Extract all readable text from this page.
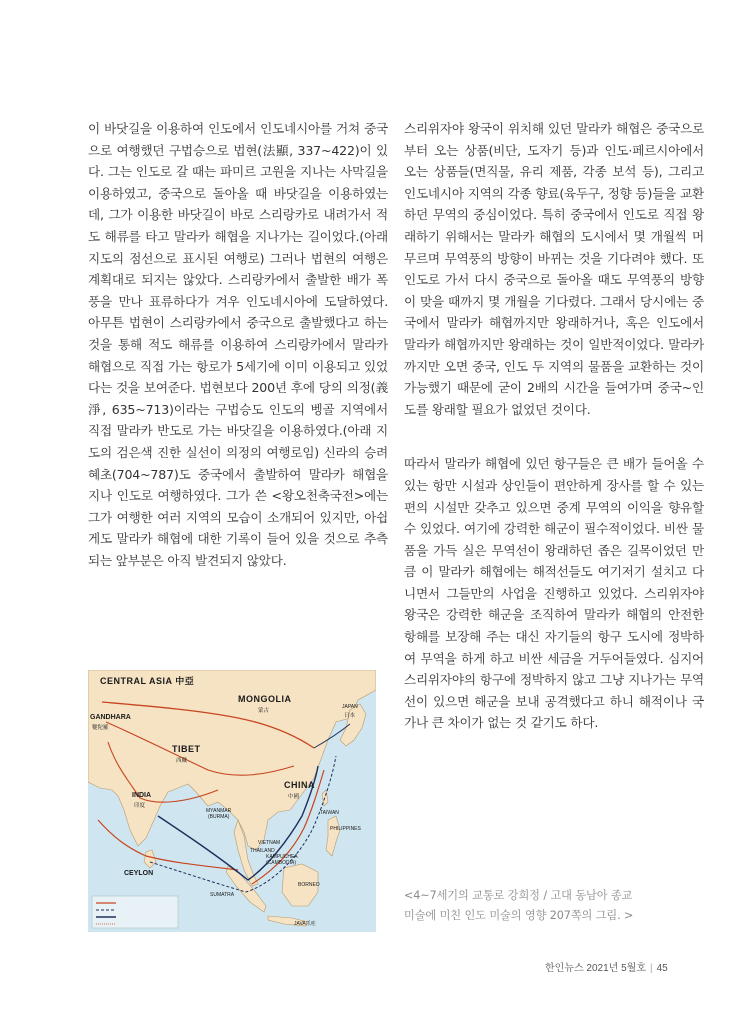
이 바닷길을 이용하여 인도에서 인도네시아를 거쳐 중국으로 여행했던 구법승으로 법현(法顯, 337~422)이 있다. 그는 인도로 갈 때는 파미르 고원을 지나는 사막길을 이용하였고, 중국으로 돌아올 때 바닷길을 이용하였는데, 그가 이용한 바닷길이 바로 스리랑카로 내려가서 적도 해류를 타고 말라카 해협을 지나가는 길이었다.(아래 지도의 점선으로 표시된 여행로) 그러나 법현의 여행은 계획대로 되지는 않았다. 스리랑카에서 출발한 배가 폭풍을 만나 표류하다가 겨우 인도네시아에 도달하였다. 아무튼 법현이 스리랑카에서 중국으로 출발했다고 하는 것을 통해 적도 해류를 이용하여 스리랑카에서 말라카 해협으로 직접 가는 항로가 5세기에 이미 이용되고 있었다는 것을 보여준다. 법현보다 200년 후에 당의 의정(義淨, 635~713)이라는 구법승도 인도의 벵골 지역에서 직접 말라카 반도로 가는 바닷길을 이용하였다.(아래 지도의 검은색 진한 실선이 의정의 여행로임) 신라의 승려 혜초(704~787)도 중국에서 출발하여 말라카 해협을 지나 인도로 여행하였다. 그가 쓴 <왕오천축국전>에는 그가 여행한 여러 지역의 모습이 소개되어 있지만, 아쉽게도 말라카 해협에 대한 기록이 들어 있을 것으로 추측되는 앞부분은 아직 발견되지 않았다.

스리위자야 왕국이 위치해 있던 말라카 해협은 중국으로부터 오는 상품(비단, 도자기 등)과 인도·페르시아에서 오는 상품들(면직물, 유리 제품, 각종 보석 등), 그리고 인도네시아 지역의 각종 향료(육두구, 정향 등)들을 교환하던 무역의 중심이었다. 특히 중국에서 인도로 직접 왕래하기 위해서는 말라카 해협의 도시에서 몇 개월씩 머무르며 무역풍의 방향이 바뀌는 것을 기다려야 했다. 또 인도로 가서 다시 중국으로 돌아올 때도 무역풍의 방향이 맞을 때까지 몇 개월을 기다렸다. 그래서 당시에는 중국에서 말라카 해협까지만 왕래하거나, 혹은 인도에서 말라카 해협까지만 왕래하는 것이 일반적이었다. 말라카까지만 오면 중국, 인도 두 지역의 물품을 교환하는 것이 가능했기 때문에 굳이 2배의 시간을 들여가며 중국~인도를 왕래할 필요가 없었던 것이다.

따라서 말라카 해협에 있던 항구들은 큰 배가 들어올 수 있는 항만 시설과 상인들이 편안하게 장사를 할 수 있는 편의 시설만 갖추고 있으면 중계 무역의 이익을 향유할 수 있었다. 여기에 강력한 해군이 필수적이었다. 비싼 물품을 가득 실은 무역선이 왕래하던 좁은 길목이었던 만큼 이 말라카 해협에는 해적선들도 여기저기 설치고 다니면서 그들만의 사업을 진행하고 있었다. 스리위자야 왕국은 강력한 해군을 조직하여 말라카 해협의 안전한 항해를 보장해 주는 대신 자기들의 항구 도시에 정박하여 무역을 하게 하고 비싼 세금을 거두어들였다. 심지어 스리위자야의 항구에 정박하지 않고 그냥 지나가는 무역선이 있으면 해군을 보내 공격했다고 하니 해적이나 국가나 큰 차이가 없는 것 같기도 하다.

CENTRAL ASIA 中亞
MONGOLIA
蒙古
JAPAN
日本
GANDHARA
犍陀羅
TIBET
西藏
CHINA
中國
INDIA
印度
MYANMAR
(BURMA)
TAIWAN
PHILIPPINES
VIETNAM
THAILAND
KAMPUCHEA
(CAMBODIA)
CEYLON
SUMATRA
BORNEO
JAVA爪哇

<4~7세기의 교통로 강희정 / 고대 동남아 종교

미술에 미친 인도 미술의 영향 207쪽의 그림. >

한인뉴스 2021년 5월호 | 45
